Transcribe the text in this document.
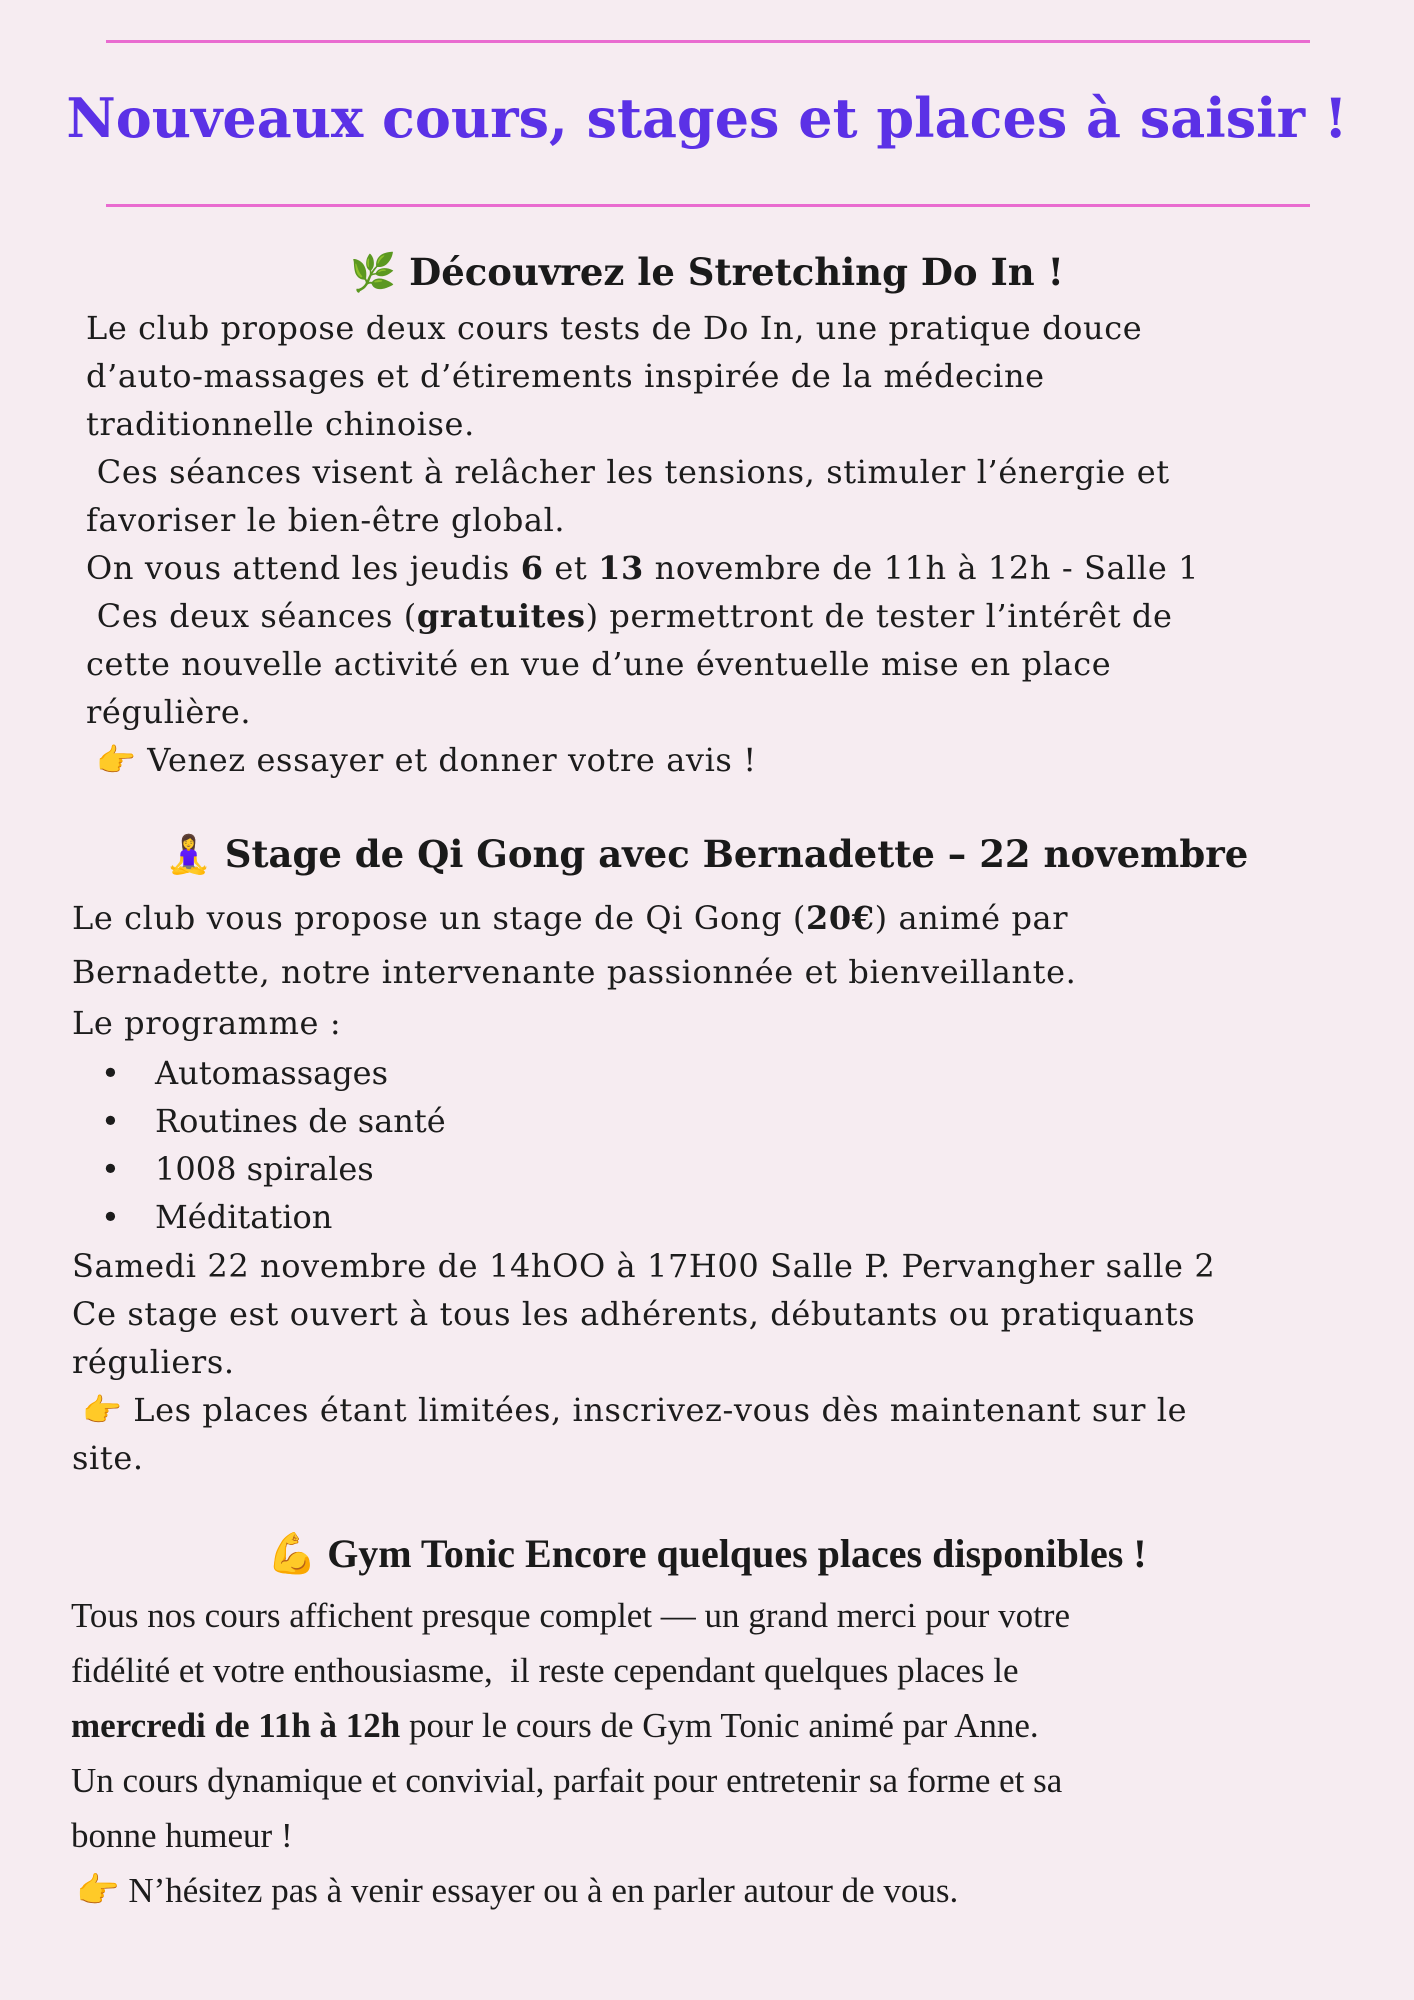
Nouveaux cours, stages et places à saisir !
🌿 Découvrez le Stretching Do In !

Le club propose deux cours tests de Do In, une pratique douce

d’auto-massages et d’étirements inspirée de la médecine

traditionnelle chinoise.

Ces séances visent à relâcher les tensions, stimuler l’énergie et

favoriser le bien-être global.

On vous attend les jeudis 6 et 13 novembre de 11h à 12h - Salle 1

Ces deux séances (gratuites) permettront de tester l’intérêt de

cette nouvelle activité en vue d’une éventuelle mise en place

régulière.

👉 Venez essayer et donner votre avis !

🧘‍♀️ Stage de Qi Gong avec Bernadette – 22 novembre

Le club vous propose un stage de Qi Gong (20€) animé par

Bernadette, notre intervenante passionnée et bienveillante.

Le programme :

• Automassages
• Routines de santé
• 1008 spirales
• Méditation

Samedi 22 novembre de 14hOO à 17H00 Salle P. Pervangher salle 2

Ce stage est ouvert à tous les adhérents, débutants ou pratiquants

réguliers.

👉 Les places étant limitées, inscrivez-vous dès maintenant sur le

site.

💪 Gym Tonic Encore quelques places disponibles !

Tous nos cours affichent presque complet — un grand merci pour votre

fidélité et votre enthousiasme,  il reste cependant quelques places le

mercredi de 11h à 12h pour le cours de Gym Tonic animé par Anne.

Un cours dynamique et convivial, parfait pour entretenir sa forme et sa

bonne humeur !

👉 N’hésitez pas à venir essayer ou à en parler autour de vous.
